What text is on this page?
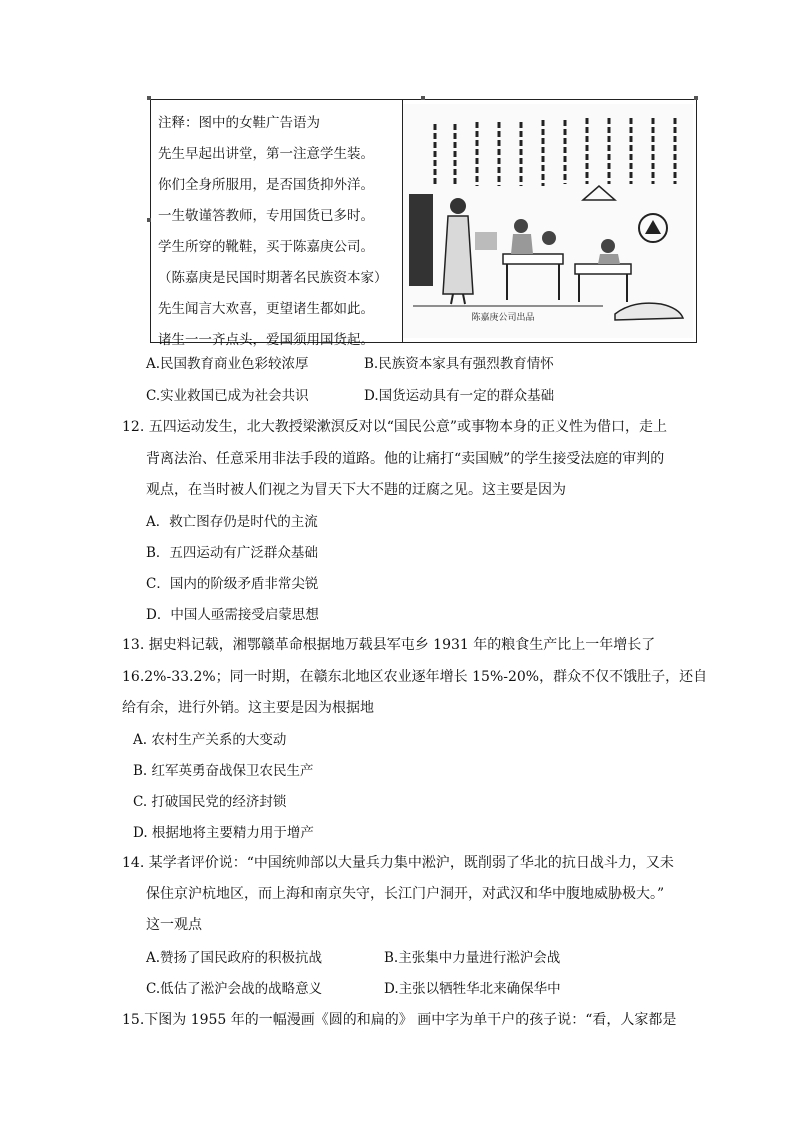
注释：图中的女鞋广告语为
先生早起出讲堂，第一注意学生装。
你们全身所服用，是否国货抑外洋。
一生敬谨答教师，专用国货已多时。
学生所穿的靴鞋，买于陈嘉庚公司。
（陈嘉庚是民国时期著名民族资本家）
先生闻言大欢喜，更望诸生都如此。
诸生一一齐点头，爱国须用国货起。
陈嘉庚公司出品
A.民国教育商业色彩较浓厚	B.民族资本家具有强烈教育情怀
C.实业救国已成为社会共识	D.国货运动具有一定的群众基础
12. 五四运动发生，北大教授梁漱溟反对以“国民公意”或事物本身的正义性为借口，走上
背离法治、任意采用非法手段的道路。他的让痛打“卖国贼”的学生接受法庭的审判的
观点，在当时被人们视之为冒天下大不韪的迂腐之见。这主要是因为
A．救亡图存仍是时代的主流
B．五四运动有广泛群众基础
C．国内的阶级矛盾非常尖锐
D．中国人亟需接受启蒙思想
13. 据史料记载，湘鄂赣革命根据地万载县军屯乡 1931 年的粮食生产比上一年增长了
16.2%-33.2%；同一时期，在赣东北地区农业逐年增长 15%-20%，群众不仅不饿肚子，还自
给有余，进行外销。这主要是因为根据地
A. 农村生产关系的大变动
B. 红军英勇奋战保卫农民生产
C. 打破国民党的经济封锁
D. 根据地将主要精力用于增产
14. 某学者评价说：“中国统帅部以大量兵力集中淞沪，既削弱了华北的抗日战斗力，又未
保住京沪杭地区，而上海和南京失守，长江门户洞开，对武汉和华中腹地威胁极大。”
这一观点
A.赞扬了国民政府的积极抗战	B.主张集中力量进行淞沪会战
C.低估了淞沪会战的战略意义	D.主张以牺牲华北来确保华中
15.下图为 1955 年的一幅漫画《圆的和扁的》 画中字为单干户的孩子说：“看，人家都是
